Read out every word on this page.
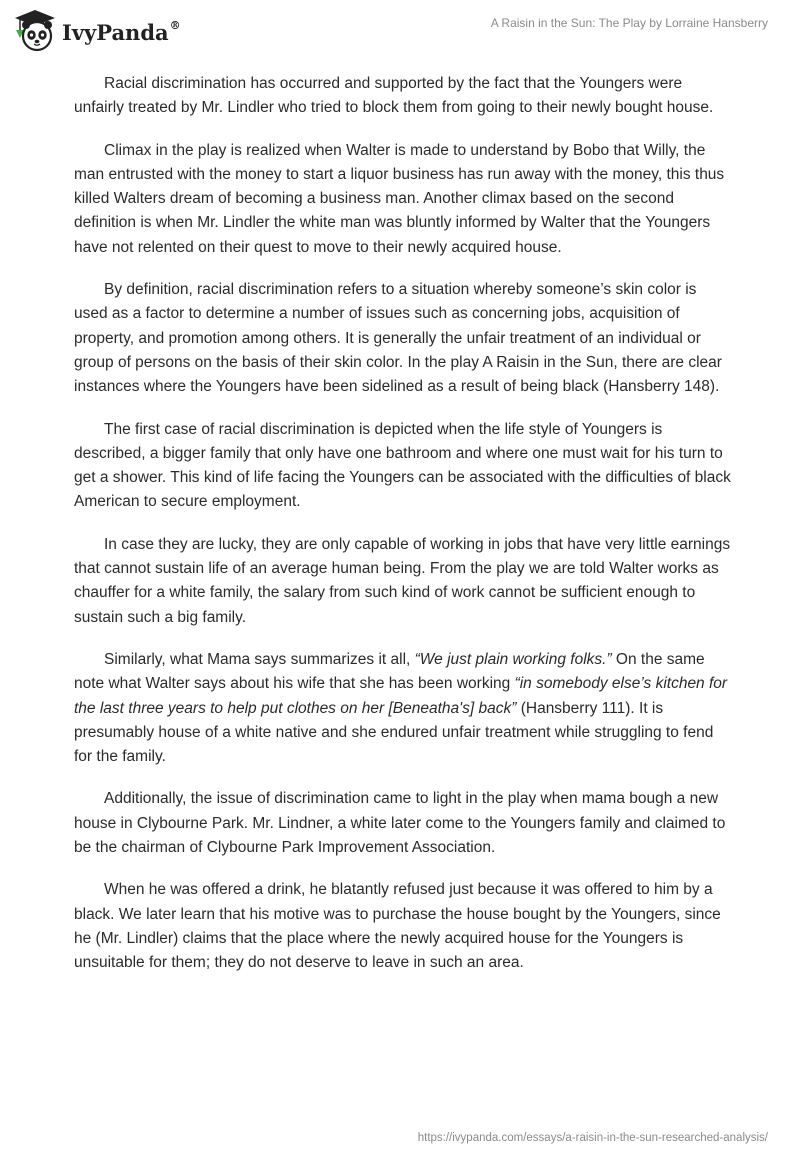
IvyPanda®	A Raisin in the Sun: The Play by Lorraine Hansberry

Racial discrimination has occurred and supported by the fact that the Youngers were unfairly treated by Mr. Lindler who tried to block them from going to their newly bought house.

Climax in the play is realized when Walter is made to understand by Bobo that Willy, the man entrusted with the money to start a liquor business has run away with the money, this thus killed Walters dream of becoming a business man. Another climax based on the second definition is when Mr. Lindler the white man was bluntly informed by Walter that the Youngers have not relented on their quest to move to their newly acquired house.

By definition, racial discrimination refers to a situation whereby someone’s skin color is used as a factor to determine a number of issues such as concerning jobs, acquisition of property, and promotion among others. It is generally the unfair treatment of an individual or group of persons on the basis of their skin color. In the play A Raisin in the Sun, there are clear instances where the Youngers have been sidelined as a result of being black (Hansberry 148).

The first case of racial discrimination is depicted when the life style of Youngers is described, a bigger family that only have one bathroom and where one must wait for his turn to get a shower. This kind of life facing the Youngers can be associated with the difficulties of black American to secure employment.

In case they are lucky, they are only capable of working in jobs that have very little earnings that cannot sustain life of an average human being. From the play we are told Walter works as chauffer for a white family, the salary from such kind of work cannot be sufficient enough to sustain such a big family.

Similarly, what Mama says summarizes it all, “We just plain working folks.” On the same note what Walter says about his wife that she has been working “in somebody else’s kitchen for the last three years to help put clothes on her [Beneatha's] back” (Hansberry 111). It is presumably house of a white native and she endured unfair treatment while struggling to fend for the family.

Additionally, the issue of discrimination came to light in the play when mama bough a new house in Clybourne Park. Mr. Lindner, a white later come to the Youngers family and claimed to be the chairman of Clybourne Park Improvement Association.

When he was offered a drink, he blatantly refused just because it was offered to him by a black. We later learn that his motive was to purchase the house bought by the Youngers, since he (Mr. Lindler) claims that the place where the newly acquired house for the Youngers is unsuitable for them; they do not deserve to leave in such an area.

https://ivypanda.com/essays/a-raisin-in-the-sun-researched-analysis/
